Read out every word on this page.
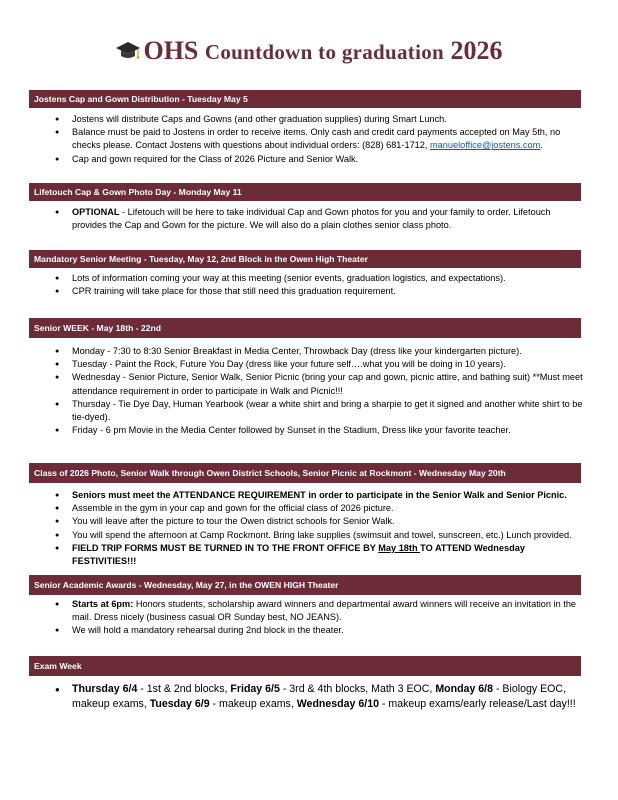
OHS Countdown to graduation 2026
Jostens Cap and Gown Distribution - Tuesday May 5
● Jostens will distribute Caps and Gowns (and other graduation supplies) during Smart Lunch.
● Balance must be paid to Jostens in order to receive items. Only cash and credit card payments accepted on May 5th, no checks please. Contact Jostens with questions about individual orders: (828) 681-1712, manueloffice@jostens.com.
● Cap and gown required for the Class of 2026 Picture and Senior Walk.
Lifetouch Cap & Gown Photo Day - Monday May 11
● OPTIONAL - Lifetouch will be here to take individual Cap and Gown photos for you and your family to order. Lifetouch provides the Cap and Gown for the picture. We will also do a plain clothes senior class photo.
Mandatory Senior Meeting - Tuesday, May 12, 2nd Block in the Owen High Theater
● Lots of information coming your way at this meeting (senior events, graduation logistics, and expectations).
● CPR training will take place for those that still need this graduation requirement.
Senior WEEK - May 18th - 22nd
● Monday - 7:30 to 8:30 Senior Breakfast in Media Center, Throwback Day (dress like your kindergarten picture).
● Tuesday - Paint the Rock, Future You Day (dress like your future self….what you will be doing in 10 years).
● Wednesday - Senior Picture, Senior Walk, Senior Picnic (bring your cap and gown, picnic attire, and bathing suit) **Must meet attendance requirement in order to participate in Walk and Picnic!!!
● Thursday - Tie Dye Day, Human Yearbook (wear a white shirt and bring a sharpie to get it signed and another white shirt to be tie-dyed).
● Friday - 6 pm Movie in the Media Center followed by Sunset in the Stadium, Dress like your favorite teacher.
Class of 2026 Photo, Senior Walk through Owen District Schools, Senior Picnic at Rockmont - Wednesday May 20th
● Seniors must meet the ATTENDANCE REQUIREMENT in order to participate in the Senior Walk and Senior Picnic.
● Assemble in the gym in your cap and gown for the official class of 2026 picture.
● You will leave after the picture to tour the Owen district schools for Senior Walk.
● You will spend the afternoon at Camp Rockmont. Bring lake supplies (swimsuit and towel, sunscreen, etc.) Lunch provided.
● FIELD TRIP FORMS MUST BE TURNED IN TO THE FRONT OFFICE BY May 18th TO ATTEND Wednesday FESTIVITIES!!!
Senior Academic Awards - Wednesday, May 27, in the OWEN HIGH Theater
● Starts at 6pm: Honors students, scholarship award winners and departmental award winners will receive an invitation in the mail. Dress nicely (business casual OR Sunday best, NO JEANS).
● We will hold a mandatory rehearsal during 2nd block in the theater.
Exam Week
● Thursday 6/4 - 1st & 2nd blocks, Friday 6/5 - 3rd & 4th blocks, Math 3 EOC, Monday 6/8 - Biology EOC, makeup exams, Tuesday 6/9 - makeup exams, Wednesday 6/10 - makeup exams/early release/Last day!!!
